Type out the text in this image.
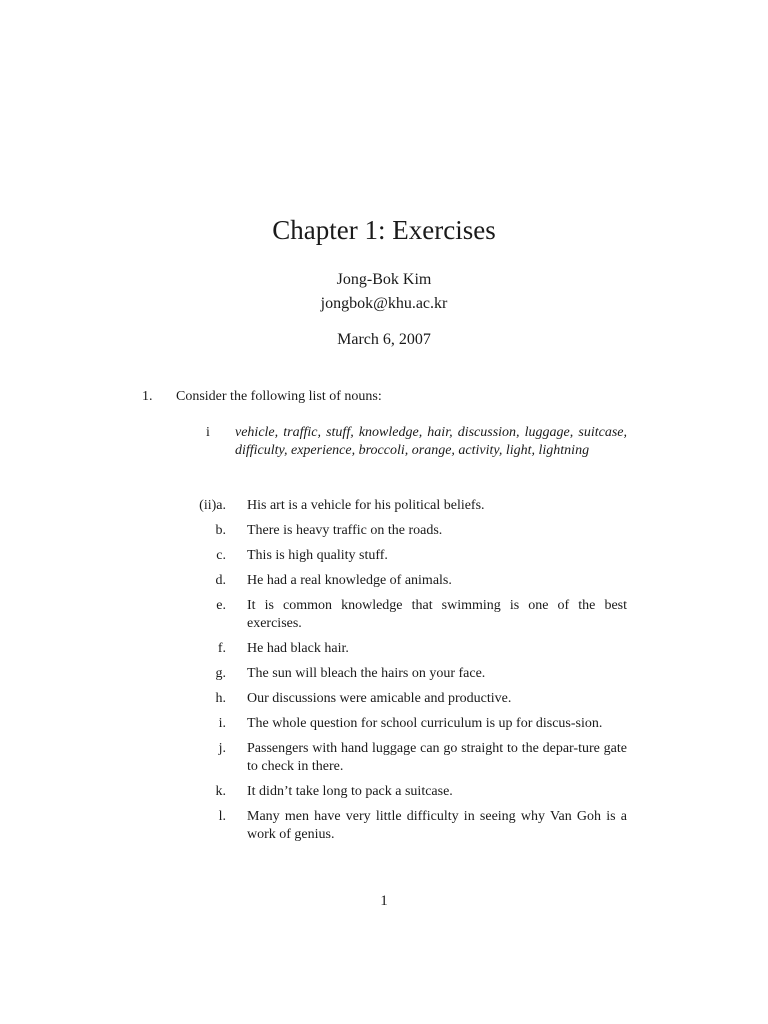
Chapter 1: Exercises
Jong-Bok Kim
jongbok@khu.ac.kr
March 6, 2007
1. Consider the following list of nouns:
i vehicle, traffic, stuff, knowledge, hair, discussion, luggage, suitcase, difficulty, experience, broccoli, orange, activity, light, lightning
(ii)a. His art is a vehicle for his political beliefs.
b. There is heavy traffic on the roads.
c. This is high quality stuff.
d. He had a real knowledge of animals.
e. It is common knowledge that swimming is one of the best exercises.
f. He had black hair.
g. The sun will bleach the hairs on your face.
h. Our discussions were amicable and productive.
i. The whole question for school curriculum is up for discus-sion.
j. Passengers with hand luggage can go straight to the depar-ture gate to check in there.
k. It didn’t take long to pack a suitcase.
l. Many men have very little difficulty in seeing why Van Goh is a work of genius.
1
